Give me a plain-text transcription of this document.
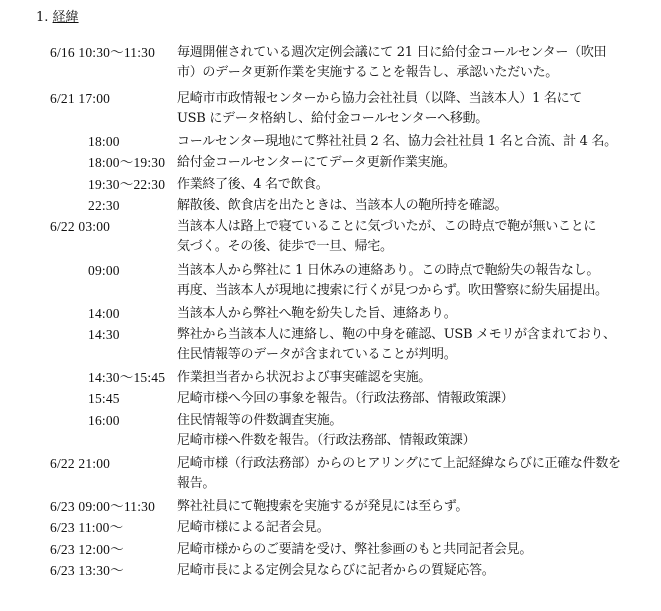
1. 経緯
6/16 10:30～11:30 毎週開催されている週次定例会議にて 21 日に給付金コールセンター（吹田
市）のデータ更新作業を実施することを報告し、承認いただいた。
6/21 17:00	尼崎市市政情報センターから協力会社社員（以降、当該本人）1 名にて
USB にデータ格納し、給付金コールセンターへ移動。
18:00	コールセンター現地にて弊社社員 2 名、協力会社社員 1 名と合流、計 4 名。
18:00～19:30 給付金コールセンターにてデータ更新作業実施。
19:30～22:30 作業終了後、4 名で飲食。
22:30	解散後、飲食店を出たときは、当該本人の鞄所持を確認。
6/22 03:00	当該本人は路上で寝ていることに気づいたが、この時点で鞄が無いことに
気づく。その後、徒歩で一旦、帰宅。
09:00	当該本人から弊社に 1 日休みの連絡あり。この時点で鞄紛失の報告なし。
再度、当該本人が現地に捜索に行くが見つからず。吹田警察に紛失届提出。
14:00	当該本人から弊社へ鞄を紛失した旨、連絡あり。
14:30	弊社から当該本人に連絡し、鞄の中身を確認、USB メモリが含まれており、
住民情報等のデータが含まれていることが判明。
14:30～15:45 作業担当者から状況および事実確認を実施。
15:45	尼崎市様へ今回の事象を報告。（行政法務部、情報政策課）
16:00	住民情報等の件数調査実施。
尼崎市様へ件数を報告。（行政法務部、情報政策課）
6/22 21:00	尼崎市様（行政法務部）からのヒアリングにて上記経緯ならびに正確な件数を
報告。
6/23 09:00～11:30 弊社社員にて鞄捜索を実施するが発見には至らず。
6/23 11:00～	尼崎市様による記者会見。
6/23 12:00～	尼崎市様からのご要請を受け、弊社参画のもと共同記者会見。
6/23 13:30～	尼崎市長による定例会見ならびに記者からの質疑応答。
